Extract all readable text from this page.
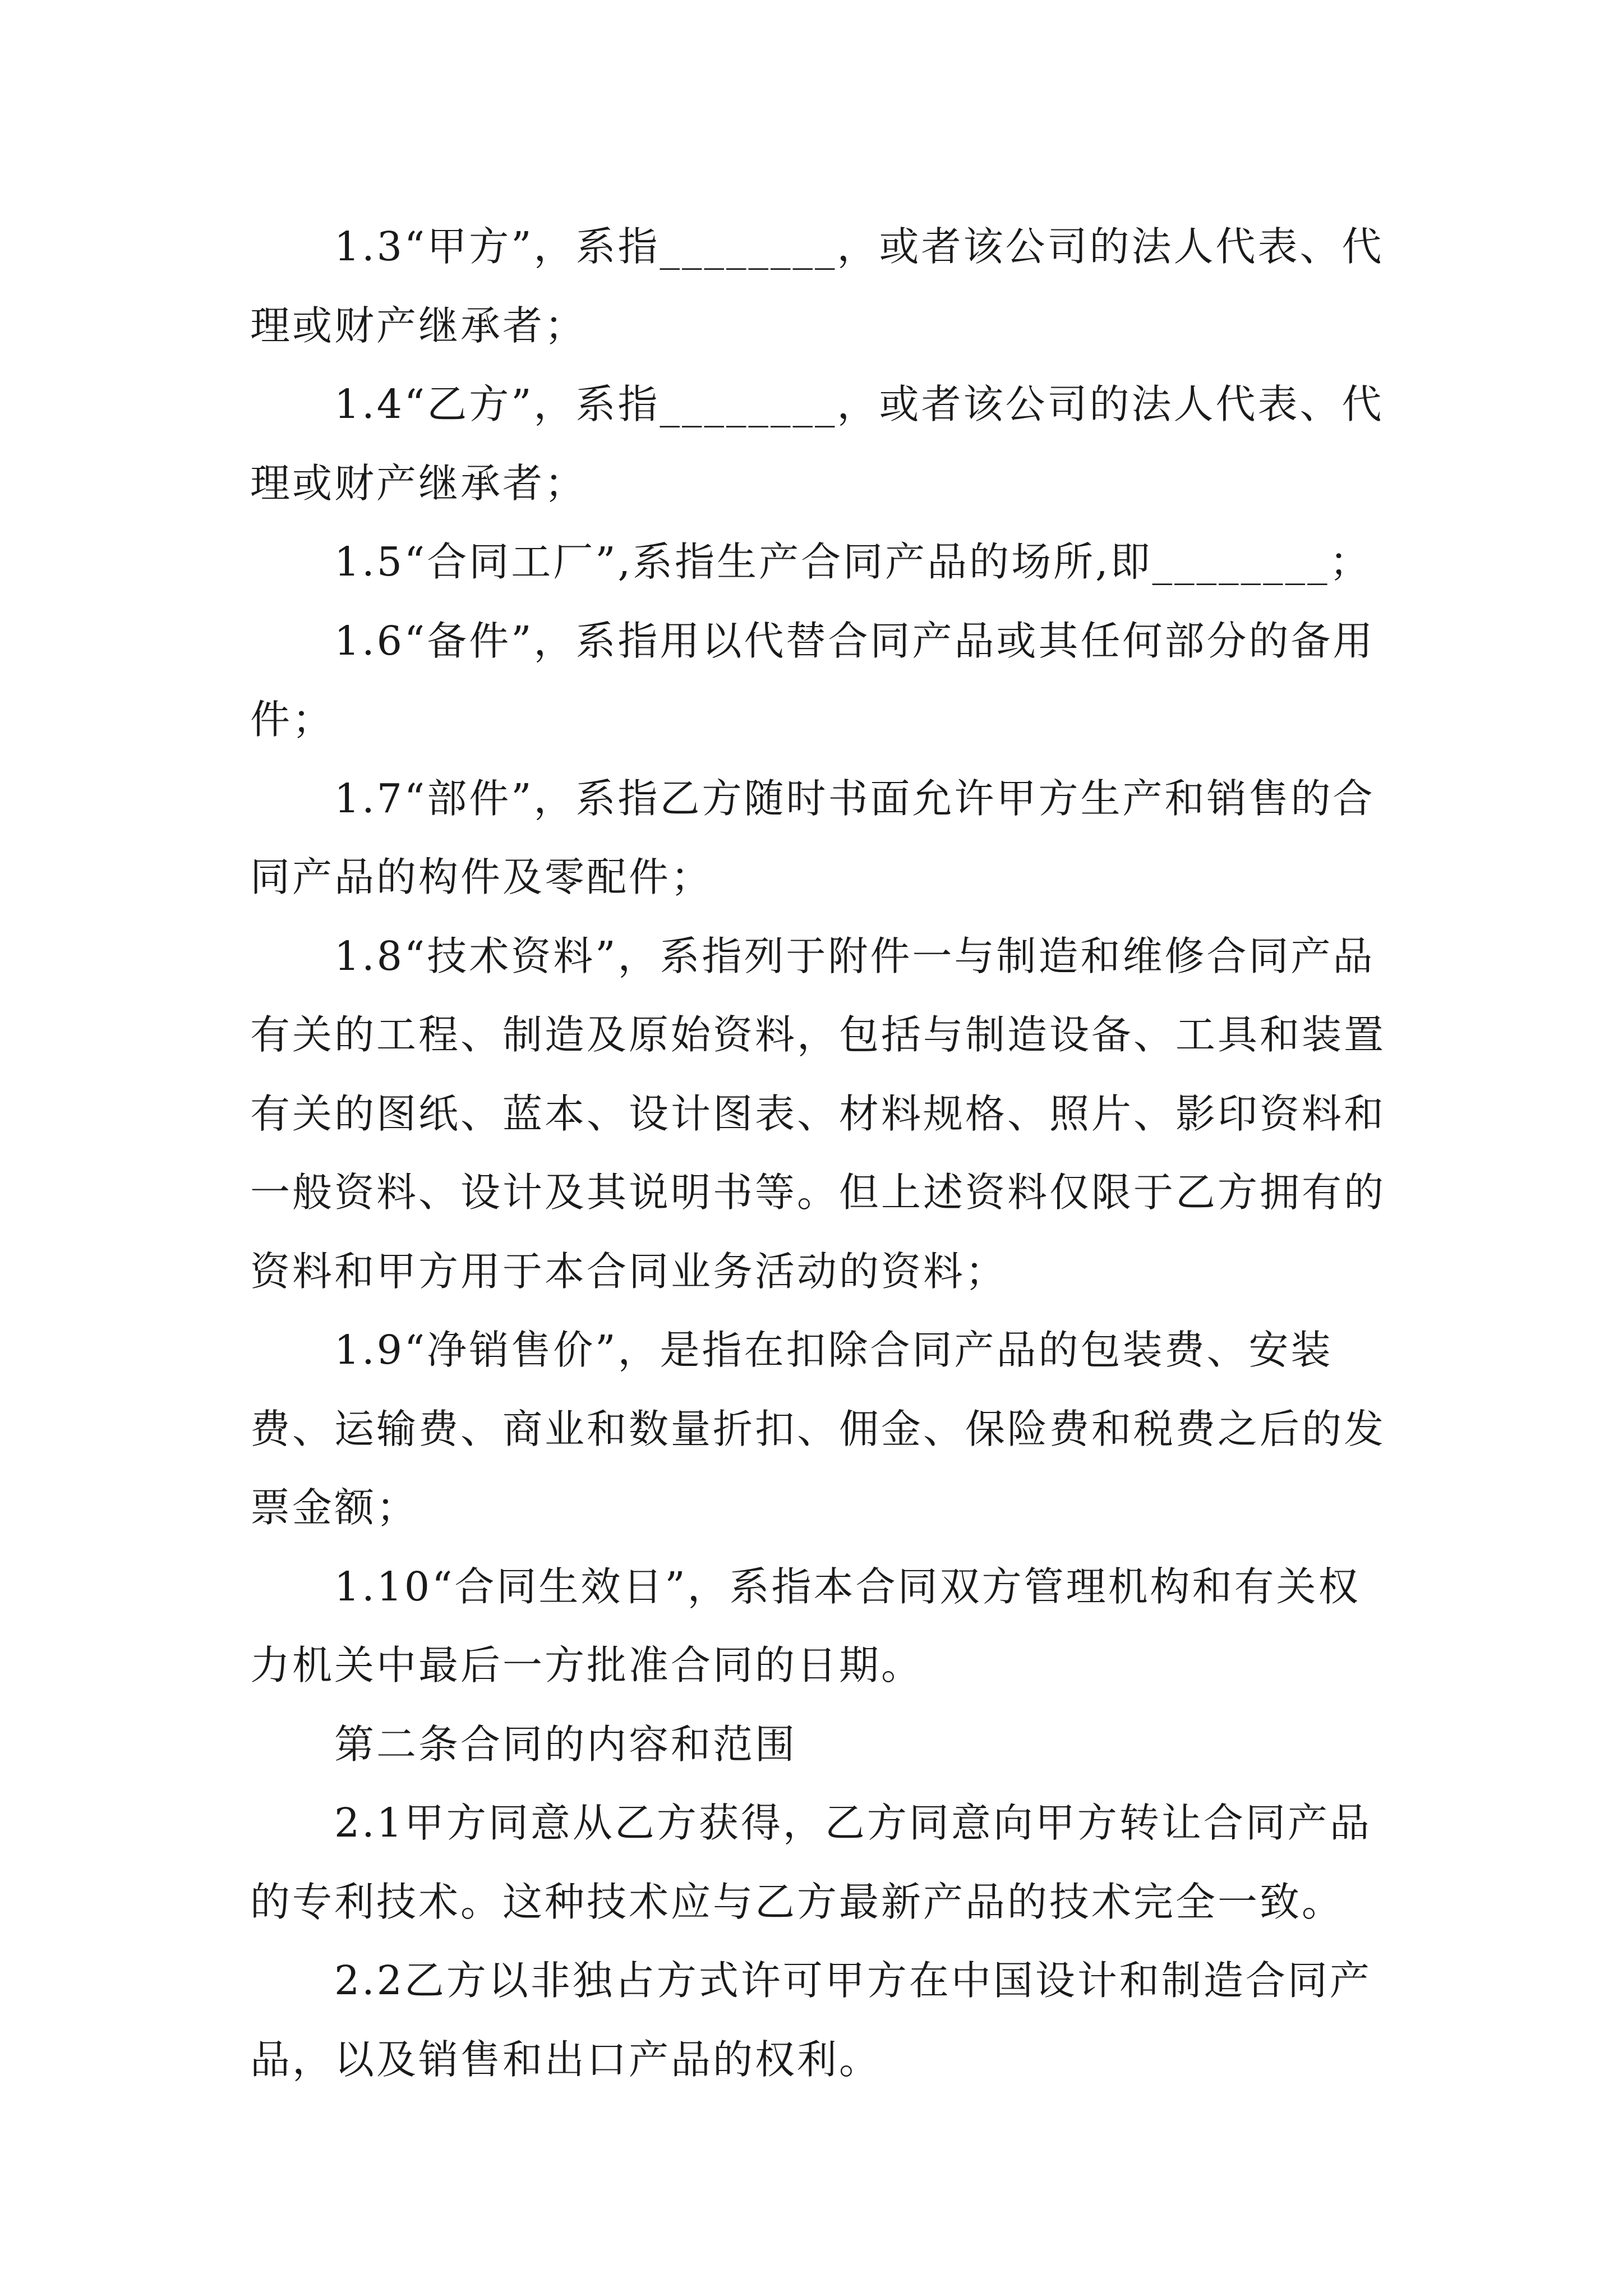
1.3“甲方”，系指________，或者该公司的法人代表、代理或财产继承者；

1.4“乙方”，系指________，或者该公司的法人代表、代理或财产继承者；

1.5“合同工厂”,系指生产合同产品的场所,即________；

1.6“备件”，系指用以代替合同产品或其任何部分的备用件；

1.7“部件”，系指乙方随时书面允许甲方生产和销售的合同产品的构件及零配件；

1.8“技术资料”，系指列于附件一与制造和维修合同产品有关的工程、制造及原始资料，包括与制造设备、工具和装置有关的图纸、蓝本、设计图表、材料规格、照片、影印资料和一般资料、设计及其说明书等。但上述资料仅限于乙方拥有的资料和甲方用于本合同业务活动的资料；

1.9“净销售价”，是指在扣除合同产品的包装费、安装费、运输费、商业和数量折扣、佣金、保险费和税费之后的发票金额；

1.10“合同生效日”，系指本合同双方管理机构和有关权力机关中最后一方批准合同的日期。

第二条合同的内容和范围

2.1甲方同意从乙方获得，乙方同意向甲方转让合同产品的专利技术。这种技术应与乙方最新产品的技术完全一致。

2.2乙方以非独占方式许可甲方在中国设计和制造合同产品，以及销售和出口产品的权利。
